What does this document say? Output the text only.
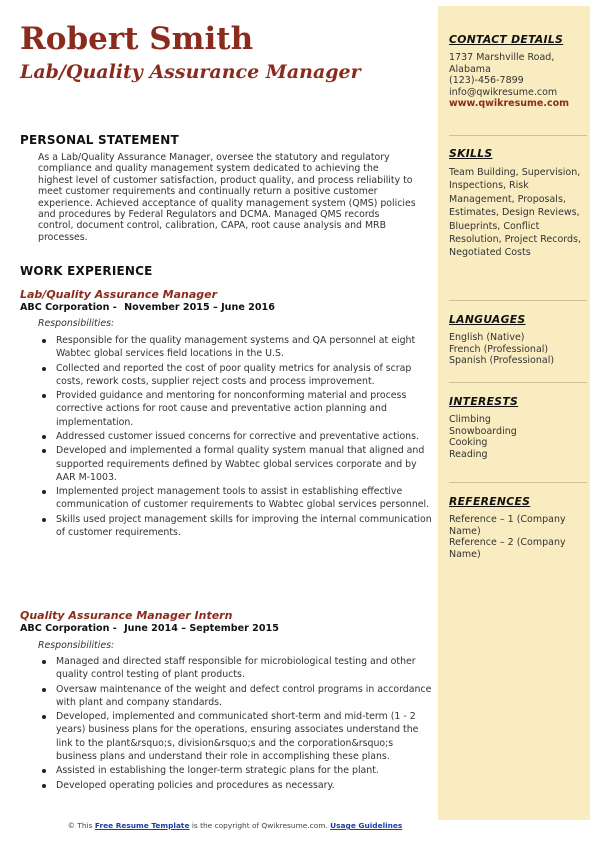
Robert Smith
Lab/Quality Assurance Manager
PERSONAL STATEMENT
As a Lab/Quality Assurance Manager, oversee the statutory and regulatory compliance and quality management system dedicated to achieving the highest level of customer satisfaction, product quality, and process reliability to meet customer requirements and continually return a positive customer experience. Achieved acceptance of quality management system (QMS) policies and procedures by Federal Regulators and DCMA. Managed QMS records control, document control, calibration, CAPA, root cause analysis and MRB processes.
WORK EXPERIENCE
Lab/Quality Assurance Manager
ABC Corporation - November 2015 – June 2016
Responsibilities:
Responsible for the quality management systems and QA personnel at eight Wabtec global services field locations in the U.S.
Collected and reported the cost of poor quality metrics for analysis of scrap costs, rework costs, supplier reject costs and process improvement.
Provided guidance and mentoring for nonconforming material and process corrective actions for root cause and preventative action planning and implementation.
Addressed customer issued concerns for corrective and preventative actions.
Developed and implemented a formal quality system manual that aligned and supported requirements defined by Wabtec global services corporate and by AAR M-1003.
Implemented project management tools to assist in establishing effective communication of customer requirements to Wabtec global services personnel.
Skills used project management skills for improving the internal communication of customer requirements.
Quality Assurance Manager Intern
ABC Corporation - June 2014 – September 2015
Responsibilities:
Managed and directed staff responsible for microbiological testing and other quality control testing of plant products.
Oversaw maintenance of the weight and defect control programs in accordance with plant and company standards.
Developed, implemented and communicated short-term and mid-term (1 - 2 years) business plans for the operations, ensuring associates understand the link to the plant&rsquo;s, division&rsquo;s and the corporation&rsquo;s business plans and understand their role in accomplishing these plans.
Assisted in establishing the longer-term strategic plans for the plant.
Developed operating policies and procedures as necessary.
CONTACT DETAILS
1737 Marshville Road,
Alabama
(123)-456-7899
info@qwikresume.com
www.qwikresume.com
SKILLS
Team Building, Supervision, Inspections, Risk Management, Proposals, Estimates, Design Reviews, Blueprints, Conflict Resolution, Project Records, Negotiated Costs
LANGUAGES
English (Native)
French (Professional)
Spanish (Professional)
INTERESTS
Climbing
Snowboarding
Cooking
Reading
REFERENCES
Reference – 1 (Company Name)
Reference – 2 (Company Name)
© This Free Resume Template is the copyright of Qwikresume.com. Usage Guidelines
